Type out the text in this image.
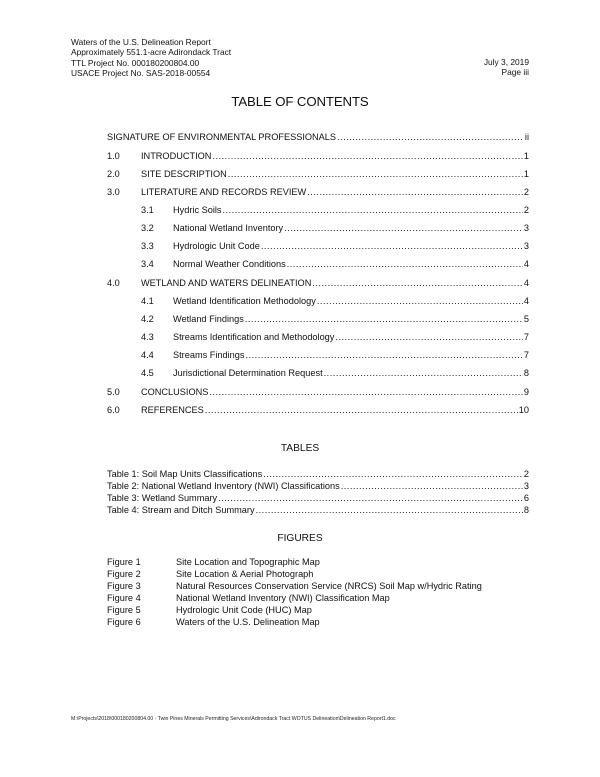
Waters of the U.S. Delineation Report
Approximately 551.1-acre Adirondack Tract
TTL Project No. 000180200804.00
USACE Project No. SAS-2018-00554
July 3, 2019
Page iii
TABLE OF CONTENTS
SIGNATURE OF ENVIRONMENTAL PROFESSIONALS .....	ii
1.0	INTRODUCTION .....	1
2.0	SITE DESCRIPTION .....	1
3.0	LITERATURE AND RECORDS REVIEW .....	2
3.1	Hydric Soils .....	2
3.2	National Wetland Inventory .....	3
3.3	Hydrologic Unit Code .....	3
3.4	Normal Weather Conditions .....	4
4.0	WETLAND AND WATERS DELINEATION .....	4
4.1	Wetland Identification Methodology .....	4
4.2	Wetland Findings .....	5
4.3	Streams Identification and Methodology .....	7
4.4	Streams Findings .....	7
4.5	Jurisdictional Determination Request .....	8
5.0	CONCLUSIONS .....	9
6.0	REFERENCES .....	10
TABLES
Table 1: Soil Map Units Classifications .....	2
Table 2: National Wetland Inventory (NWI) Classifications .....	3
Table 3: Wetland Summary .....	6
Table 4: Stream and Ditch Summary .....	8
FIGURES
Figure 1	Site Location and Topographic Map
Figure 2	Site Location & Aerial Photograph
Figure 3	Natural Resources Conservation Service (NRCS) Soil Map w/Hydric Rating
Figure 4	National Wetland Inventory (NWI) Classification Map
Figure 5	Hydrologic Unit Code (HUC) Map
Figure 6	Waters of the U.S. Delineation Map
M:\Projects\2018\000180200804.00 - Twin Pines Minerals Permitting Services\Adirondack Tract WOTUS Delineation\Delineation Report1.doc
